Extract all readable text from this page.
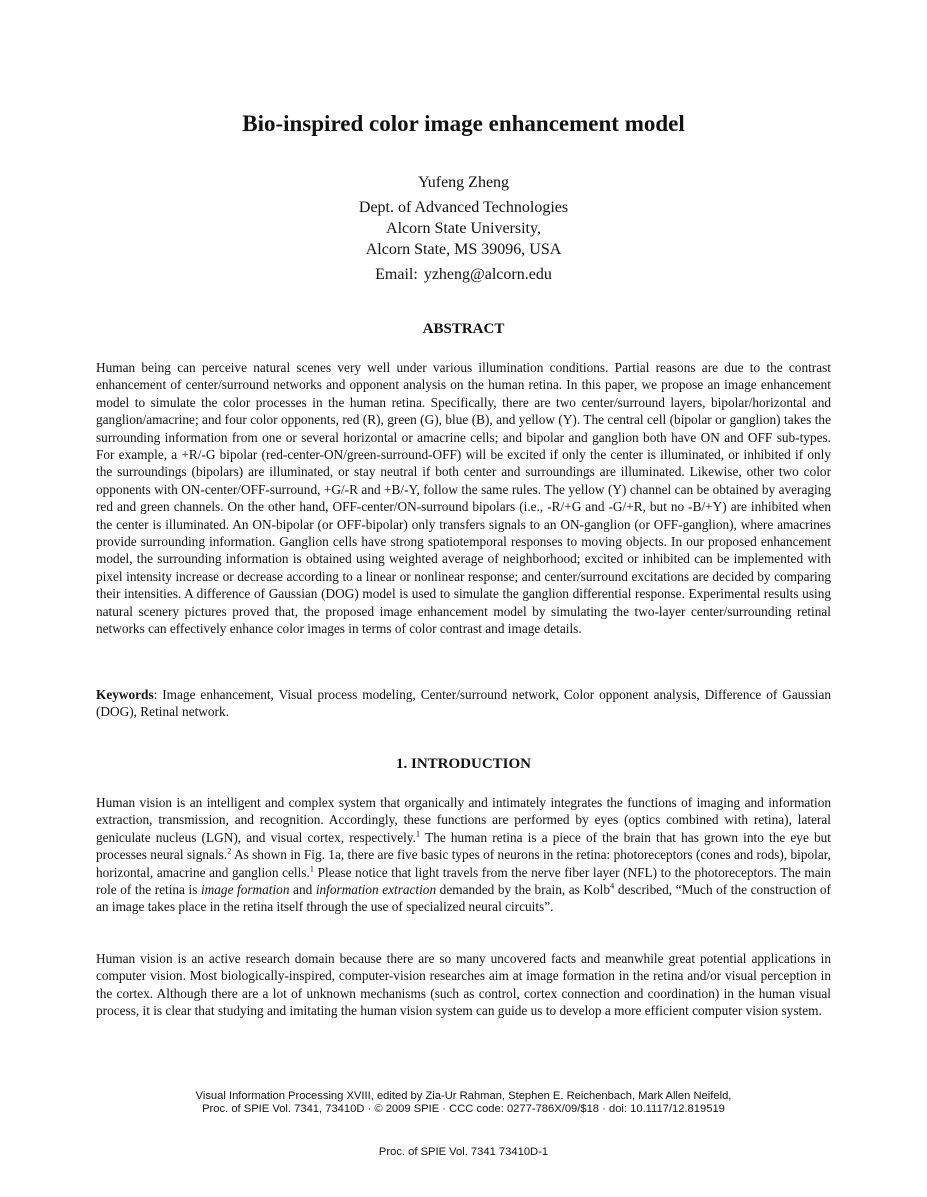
Bio-inspired color image enhancement model
Yufeng Zheng
Dept. of Advanced Technologies
Alcorn State University,
Alcorn State, MS 39096, USA
Email: yzheng@alcorn.edu
ABSTRACT
Human being can perceive natural scenes very well under various illumination conditions. Partial reasons are due to the contrast enhancement of center/surround networks and opponent analysis on the human retina. In this paper, we propose an image enhancement model to simulate the color processes in the human retina. Specifically, there are two center/surround layers, bipolar/horizontal and ganglion/amacrine; and four color opponents, red (R), green (G), blue (B), and yellow (Y). The central cell (bipolar or ganglion) takes the surrounding information from one or several horizontal or amacrine cells; and bipolar and ganglion both have ON and OFF sub-types. For example, a +R/-G bipolar (red-center-ON/green-surround-OFF) will be excited if only the center is illuminated, or inhibited if only the surroundings (bipolars) are illuminated, or stay neutral if both center and surroundings are illuminated. Likewise, other two color opponents with ON-center/OFF-surround, +G/-R and +B/-Y, follow the same rules. The yellow (Y) channel can be obtained by averaging red and green channels. On the other hand, OFF-center/ON-surround bipolars (i.e., -R/+G and -G/+R, but no -B/+Y) are inhibited when the center is illuminated. An ON-bipolar (or OFF-bipolar) only transfers signals to an ON-ganglion (or OFF-ganglion), where amacrines provide surrounding information. Ganglion cells have strong spatiotemporal responses to moving objects. In our proposed enhancement model, the surrounding information is obtained using weighted average of neighborhood; excited or inhibited can be implemented with pixel intensity increase or decrease according to a linear or nonlinear response; and center/surround excitations are decided by comparing their intensities. A difference of Gaussian (DOG) model is used to simulate the ganglion differential response. Experimental results using natural scenery pictures proved that, the proposed image enhancement model by simulating the two-layer center/surrounding retinal networks can effectively enhance color images in terms of color contrast and image details.
Keywords: Image enhancement, Visual process modeling, Center/surround network, Color opponent analysis, Difference of Gaussian (DOG), Retinal network.
1. INTRODUCTION
Human vision is an intelligent and complex system that organically and intimately integrates the functions of imaging and information extraction, transmission, and recognition. Accordingly, these functions are performed by eyes (optics combined with retina), lateral geniculate nucleus (LGN), and visual cortex, respectively.$^1$ The human retina is a piece of the brain that has grown into the eye but processes neural signals.$^2$ As shown in Fig. 1a, there are five basic types of neurons in the retina: photoreceptors (cones and rods), bipolar, horizontal, amacrine and ganglion cells.$^1$ Please notice that light travels from the nerve fiber layer (NFL) to the photoreceptors. The main role of the retina is image formation and information extraction demanded by the brain, as Kolb$^4$ described, “Much of the construction of an image takes place in the retina itself through the use of specialized neural circuits”.
Human vision is an active research domain because there are so many uncovered facts and meanwhile great potential applications in computer vision. Most biologically-inspired, computer-vision researches aim at image formation in the retina and/or visual perception in the cortex. Although there are a lot of unknown mechanisms (such as control, cortex connection and coordination) in the human visual process, it is clear that studying and imitating the human vision system can guide us to develop a more efficient computer vision system.
Visual Information Processing XVIII, edited by Zia-Ur Rahman, Stephen E. Reichenbach, Mark Allen Neifeld,
Proc. of SPIE Vol. 7341, 73410D · © 2009 SPIE · CCC code: 0277-786X/09/$18 · doi: 10.1117/12.819519
Proc. of SPIE Vol. 7341 73410D-1
